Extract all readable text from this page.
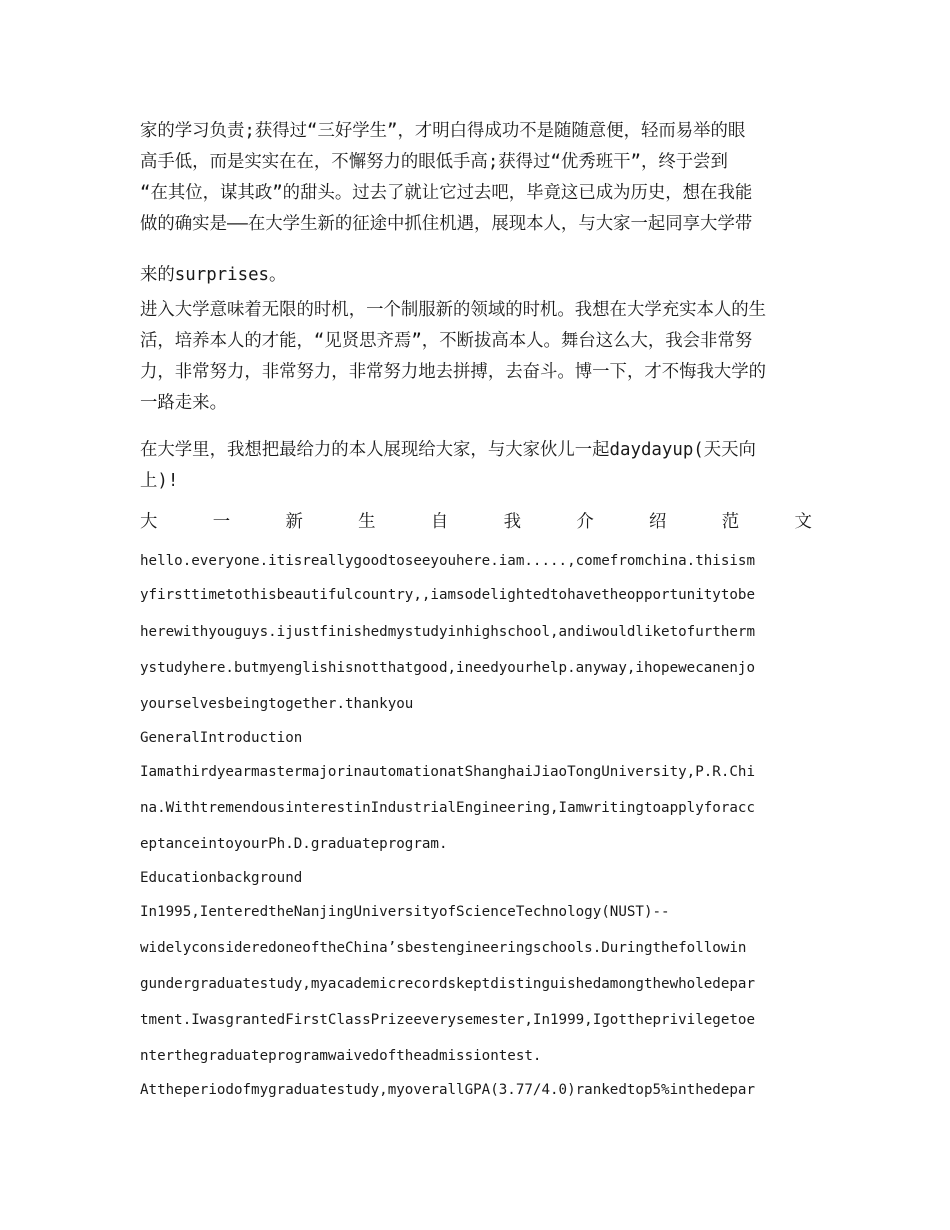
家的学习负责;获得过“三好学生”，才明白得成功不是随随意便，轻而易举的眼

高手低，而是实实在在，不懈努力的眼低手高;获得过“优秀班干”，终于尝到

“在其位，谋其政”的甜头。过去了就让它过去吧，毕竟这已成为历史，想在我能

做的确实是——在大学生新的征途中抓住机遇，展现本人，与大家一起同享大学带

来的surprises。

进入大学意味着无限的时机，一个制服新的领域的时机。我想在大学充实本人的生

活，培养本人的才能，“见贤思齐焉”，不断拔高本人。舞台这么大，我会非常努

力，非常努力，非常努力，非常努力地去拼搏，去奋斗。博一下，才不悔我大学的

一路走来。

在大学里，我想把最给力的本人展现给大家，与大家伙儿一起daydayup(天天向

上)!

大	一	新	生	自	我	介	绍	范	文

hello.everyone.itisreallygoodtoseeyouhere.iam.....,comefromchina.thisism

yfirsttimetothisbeautifulcountry,,iamsodelightedtohavetheopportunitytobe

herewithyouguys.ijustfinishedmystudyinhighschool,andiwouldliketofurtherm

ystudyhere.butmyenglishisnotthatgood,ineedyourhelp.anyway,ihopewecanenjo

yourselvesbeingtogether.thankyou

GeneralIntroduction

IamathirdyearmastermajorinautomationatShanghaiJiaoTongUniversity,P.R.Chi

na.WithtremendousinterestinIndustrialEngineering,Iamwritingtoapplyforacc

eptanceintoyourPh.D.graduateprogram.

Educationbackground

In1995,IenteredtheNanjingUniversityofScienceTechnology(NUST)--

widelyconsideredoneoftheChina’sbestengineeringschools.Duringthefollowin

gundergraduatestudy,myacademicrecordskeptdistinguishedamongthewholedepar

tment.IwasgrantedFirstClassPrizeeverysemester,In1999,Igottheprivilegetoe

nterthegraduateprogramwaivedoftheadmissiontest.

Attheperiodofmygraduatestudy,myoverallGPA(3.77/4.0)rankedtop5%inthedepar
